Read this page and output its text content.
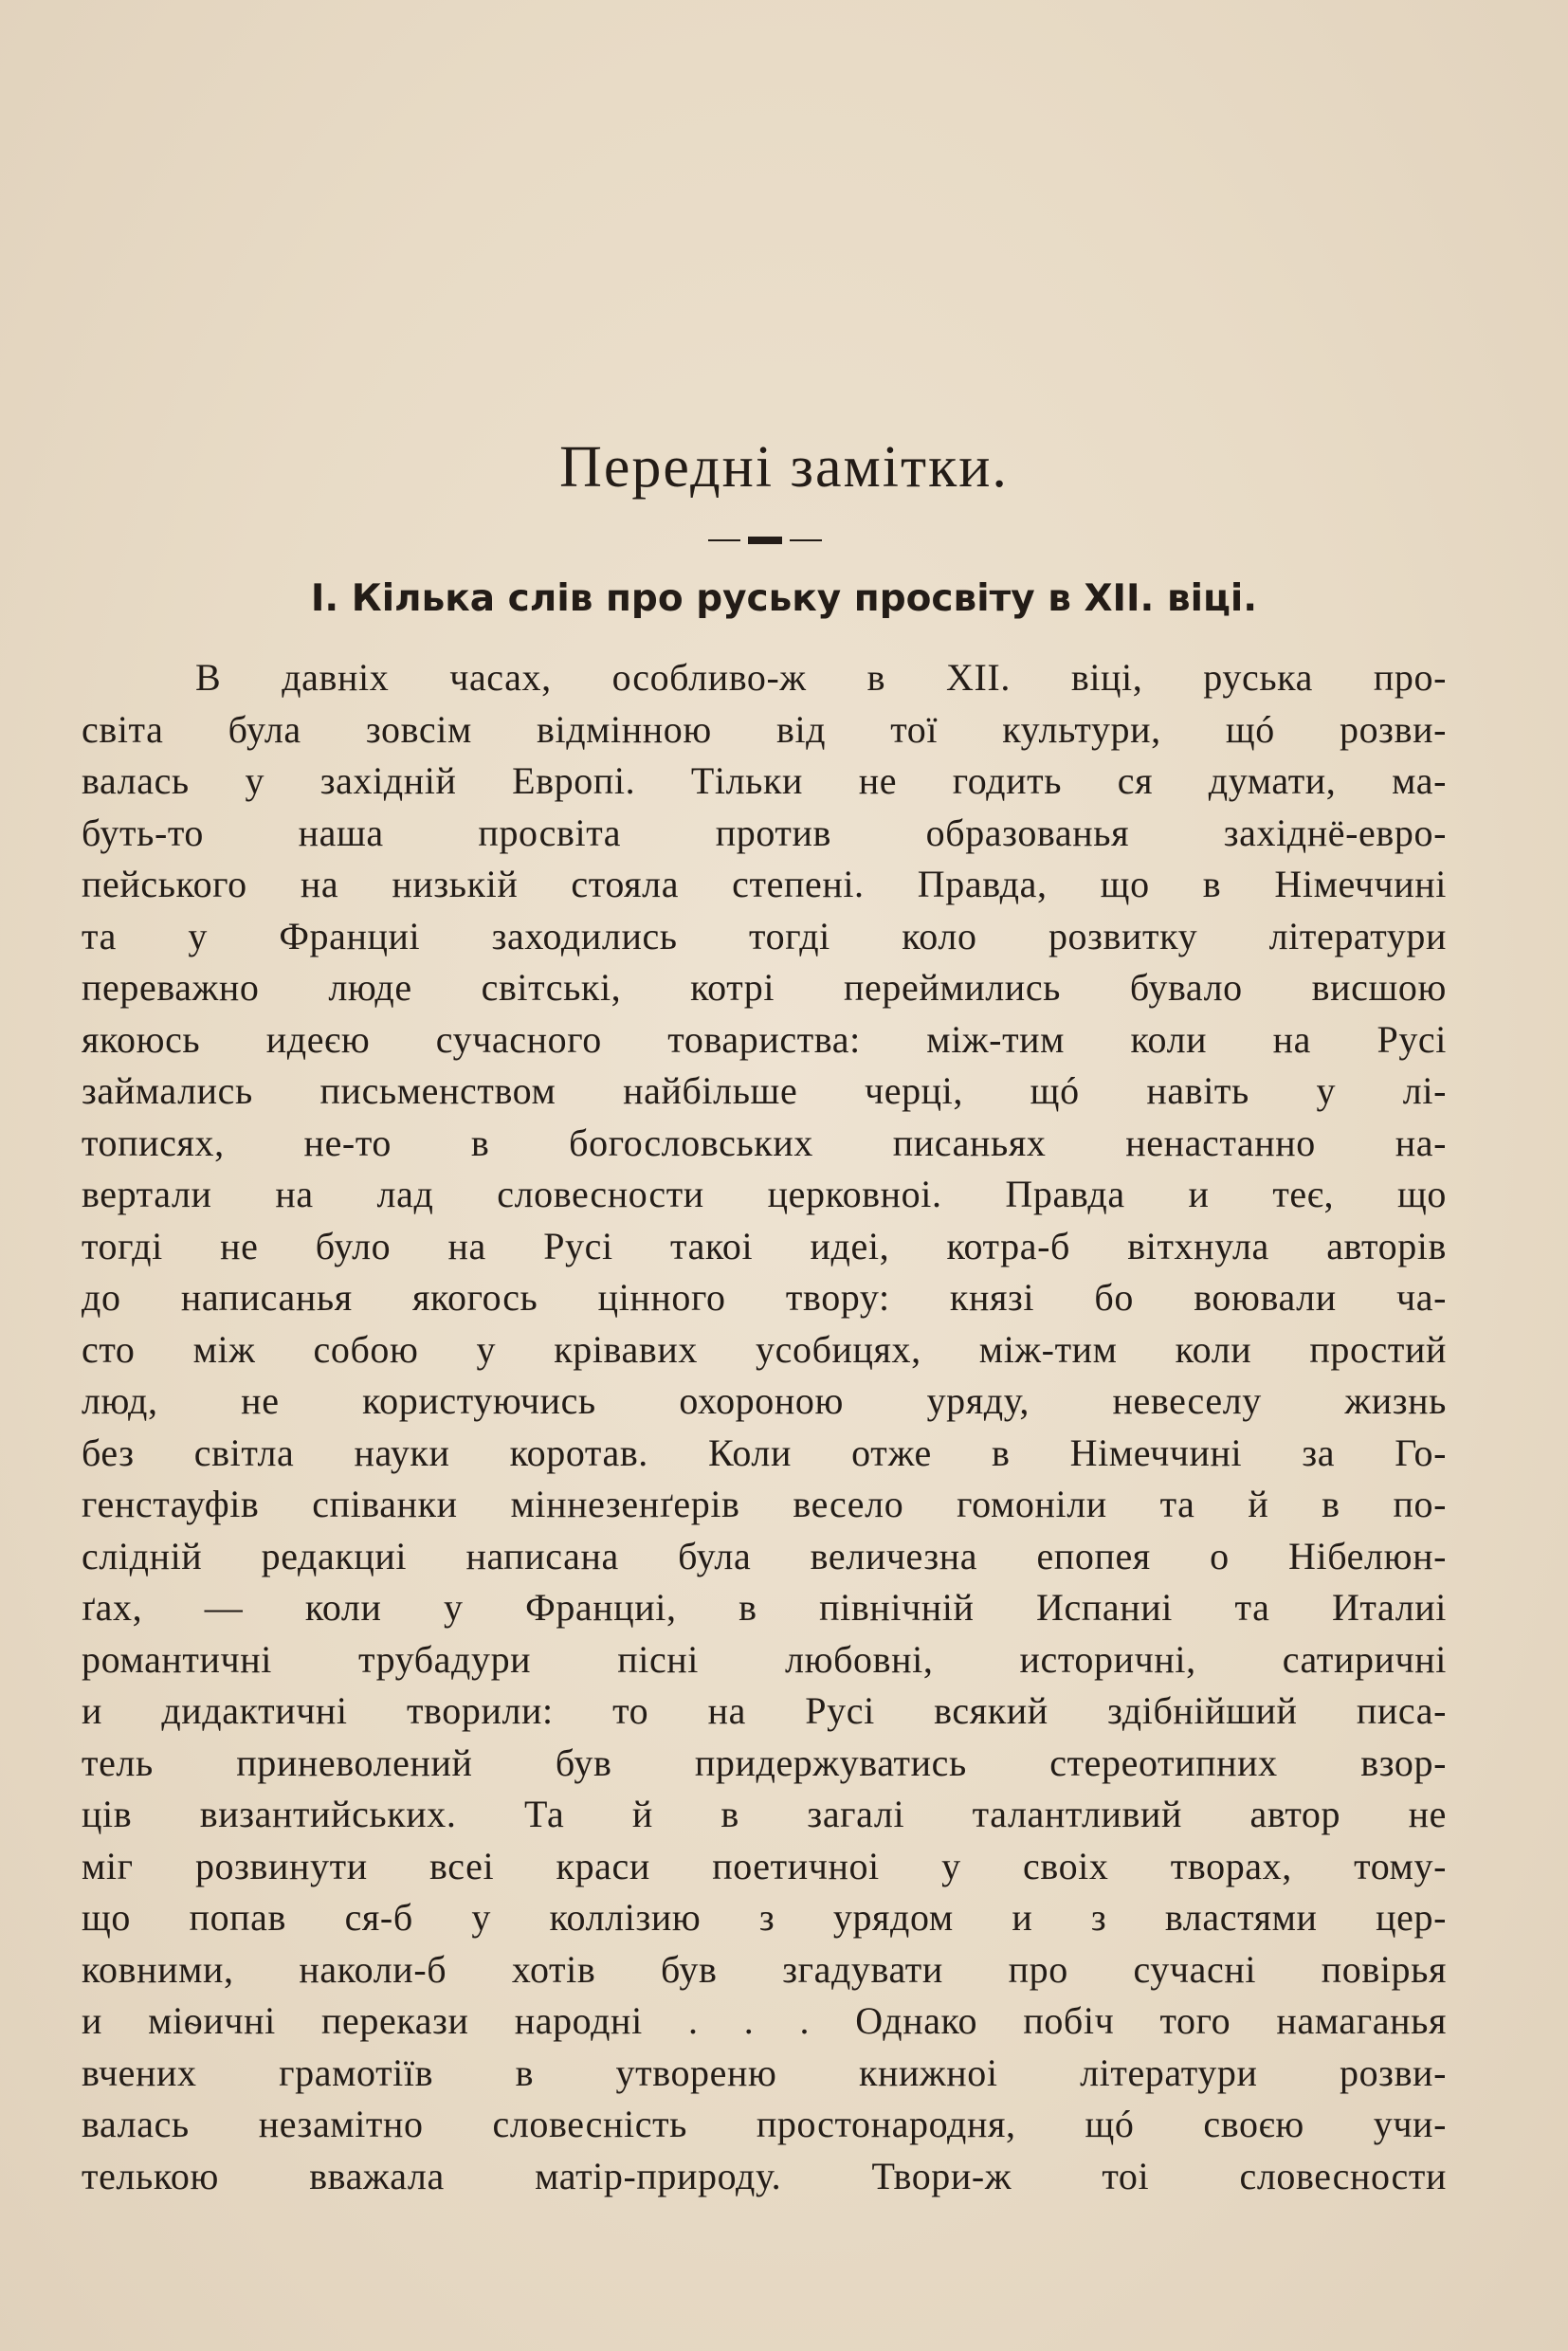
Передні замітки.
I. Кілька слів про руську просвіту в XII. віці.
В давніх часах, особливо-ж в XII. віці, руська про-
світа була зовсім відмінною від тої культури, щó розви-
валась у західній Европі. Тільки не годить ся думати, ма-
буть-то наша просвіта против образованья західнё-евро-
пейського на низькій стояла степені. Правда, що в Німеччині
та у Франциі заходились тогді коло розвитку літератури
переважно люде світські, котрі переймились бувало висшою
якоюсь идеєю сучасного товариства: між-тим коли на Русі
займались письменством найбільше черці, щó навіть у лі-
тописях, не-то в богословських писаньях ненастанно на-
вертали на лад словесности церковноі. Правда и теє, що
тогді не було на Русі такоі идеі, котра-б вітхнула авторів
до написанья якогось цінного твору: князі бо воювали ча-
сто між собою у крівавих усобицях, між-тим коли простий
люд, не користуючись охороною уряду, невеселу жизнь
без світла науки коротав. Коли отже в Німеччині за Го-
генстауфів співанки міннезенґерів весело гомоніли та й в по-
слідній редакциі написана була величезна епопея о Нібелюн-
ґах, — коли у Франциі, в північній Испаниі та Италиі
романтичні трубадури пісні любовні, историчні, сатиричні
и дидактичні творили: то на Русі всякий здібнійший писа-
тель приневолений був придержуватись стереотипних взор-
ців византийських. Та й в загалі талантливий автор не
міг розвинути всеі краси поетичноі у своіх творах, тому-
що попав ся-б у коллізию з урядом и з властями цер-
ковними, наколи-б хотів був згадувати про сучасні повірья
и міѳичні перекази народні . . . Однако побіч того намаганья
вчених грамотіїв в утвореню книжноі літератури розви-
валась незамітно словесність простонародня, щó своєю учи-
телькою вважала матір-природу. Твори-ж тоі словесности
